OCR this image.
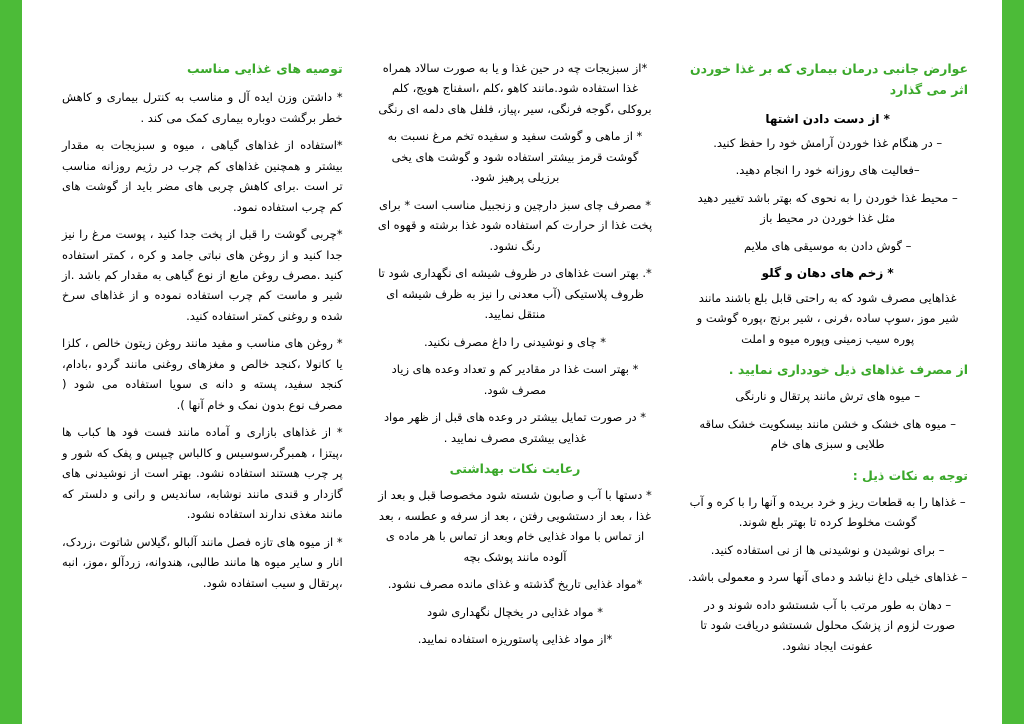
عوارض جانبی درمان بیماری که بر غذا خوردن اثر می گذارد
* از دست دادن اشتها

– در هنگام غذا خوردن آرامش خود را حفظ کنید.

–فعالیت های روزانه خود را انجام دهید.

– محیط غذا خوردن را به نحوی که بهتر باشد تغییر دهید مثل غذا خوردن در محیط باز

– گوش دادن به موسیقی های ملایم

* زخم های دهان و گلو

غذاهایی مصرف شود که به راحتی قابل بلع باشند مانند شیر موز ،سوپ ساده ،فرنی ، شیر برنج ،پوره گوشت و پوره سیب زمینی وپوره میوه و املت

از مصرف غذاهای ذیل خودداری نمایید .

– میوه های ترش مانند پرتقال و نارنگی

– میوه های خشک و خشن مانند بیسکویت خشک ساقه طلایی و سبزی های خام

توجه به نکات ذیل :

– غذاها را به قطعات ریز و خرد بریده و آنها را با کره و آب گوشت مخلوط کرده تا بهتر بلع شوند.

– برای نوشیدن و نوشیدنی ها از نی استفاده کنید.

– غذاهای خیلی داغ نباشد و دمای آنها سرد و معمولی باشد.

– دهان به طور مرتب با آب شستشو داده شوند و در صورت لزوم از پزشک محلول شستشو دریافت شود تا عفونت ایجاد نشود.

*از سبزیجات چه در حین غذا و یا به صورت سالاد همراه غذا استفاده شود.مانند کاهو ،کلم ،اسفناج هویج، کلم بروکلی ،گوجه فرنگی، سیر ،پیاز، فلفل های دلمه ای رنگی

* از ماهی و گوشت سفید و سفیده تخم مرغ نسبت به گوشت قرمز بیشتر استفاده شود و گوشت های یخی برزیلی پرهیز شود.

* مصرف چای سبز دارچین و زنجبیل مناسب است * برای پخت غذا از حرارت کم استفاده شود غذا برشته و قهوه ای رنگ نشود.

*. بهتر است غذاهای در ظروف شیشه ای نگهداری شود تا ظروف پلاستیکی (آب معدنی را نیز به ظرف شیشه ای منتقل نمایید.

* چای و نوشیدنی را داغ مصرف نکنید.

* بهتر است غذا در مقادیر کم و تعداد وعده های زیاد مصرف شود.

* در صورت تمایل بیشتر در وعده های قبل از ظهر مواد غذایی بیشتری مصرف نمایید .

رعایت نکات بهداشتی

* دستها با آب و صابون شسته شود مخصوصا قبل و بعد از غذا ، بعد از دستشویی رفتن ، بعد از سرفه و عطسه ، بعد از تماس با مواد غذایی خام وبعد از تماس با هر ماده ی آلوده مانند پوشک بچه

*مواد غذایی تاریخ گذشته و غذای مانده مصرف نشود.

* مواد غذایی در یخچال نگهداری شود

*از مواد غذایی پاستوریزه استفاده نمایید.

توصیه های غذایی مناسب

* داشتن وزن ایده آل و مناسب به کنترل بیماری و کاهش خطر برگشت دوباره بیماری کمک می کند .

*استفاده از غذاهای گیاهی ، میوه و سبزیجات به مقدار بیشتر و همچنین غذاهای کم چرب در رژیم روزانه مناسب تر است .برای کاهش چربی های مضر باید از گوشت های کم چرب استفاده نمود.

*چربی گوشت را قبل از پخت جدا کنید ، پوست مرغ را نیز جدا کنید و از روغن های نباتی جامد و کره ، کمتر استفاده کنید .مصرف روغن مایع از نوع گیاهی به مقدار کم باشد .از شیر و ماست کم چرب استفاده نموده و از غذاهای سرخ شده و روغنی کمتر استفاده کنید.

* روغن های مناسب و مفید مانند روغن زیتون خالص ، کلزا یا کانولا ،کنجد خالص و مغزهای روغنی مانند گردو ،بادام، کنجد سفید، پسته و دانه ی سویا استفاده می شود ( مصرف نوع بدون نمک و خام آنها ).

* از غذاهای بازاری و آماده مانند فست فود ها کباب ها ،پیتزا ، همبرگر،سوسیس و کالباس چیپس و پفک که شور و پر چرب هستند استفاده نشود. بهتر است از نوشیدنی های گازدار و قندی مانند نوشابه، ساندیس و رانی و دلستر که مانند مغذی ندارند استفاده نشود.

* از میوه های تازه فصل مانند آلبالو ،گیلاس شاتوت ،زردک، انار و سایر میوه ها مانند طالبی، هندوانه، زردآلو ،موز، انبه ،پرتقال و سیب استفاده شود.
